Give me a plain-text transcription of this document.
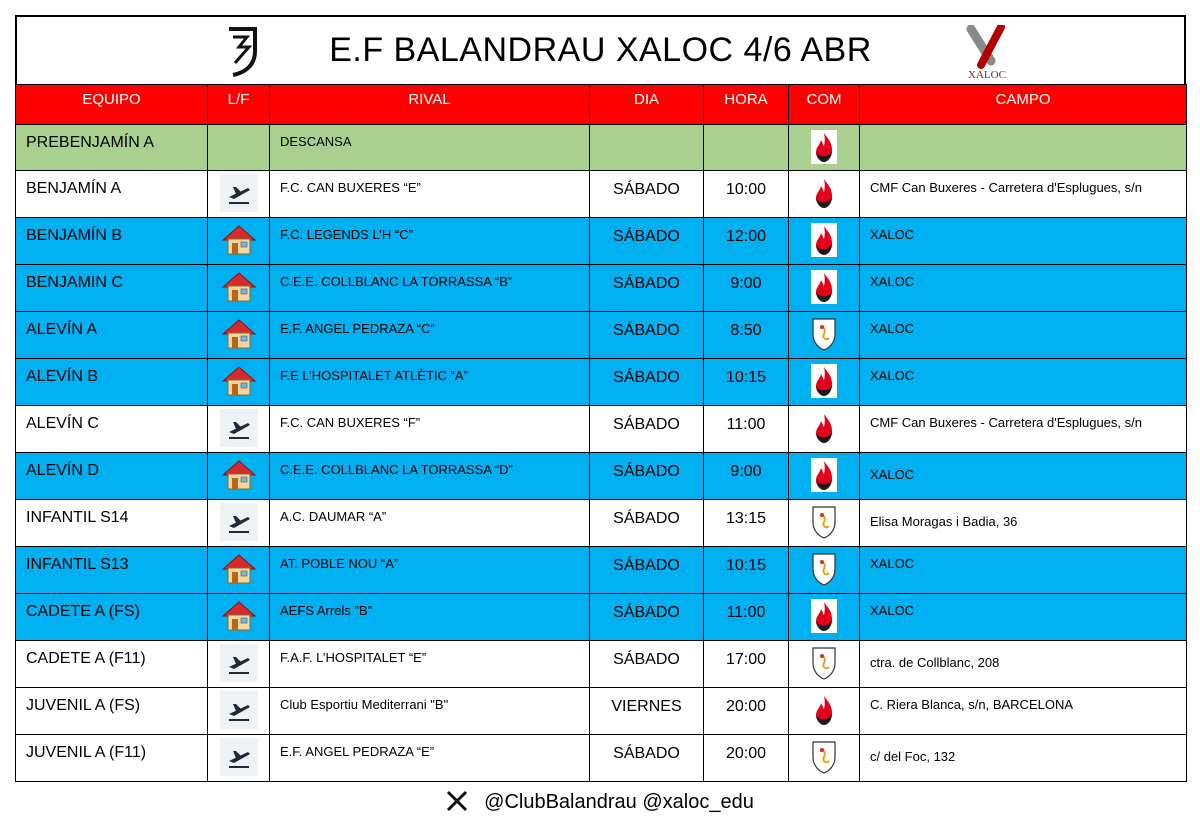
E.F BALANDRAU XALOC 4/6 ABR
XALOC
EQUIPO	L/F	RIVAL	DIA	HORA	COM	CAMPO

PREBENJAMÍN A		DESCANSA

BENJAMÍN A		F.C. CAN BUXERES “E”	SÁBADO	10:00		CMF Can Buxeres - Carretera d'Esplugues, s/n

BENJAMÍN B		F.C. LEGENDS L’H “C”	SÁBADO	12:00		XALOC

BENJAMIN C		C.E.E. COLLBLANC LA TORRASSA “B”	SÁBADO	9:00		XALOC

ALEVÍN A		E.F. ANGEL PEDRAZA “C”	SÁBADO	8:50		XALOC

ALEVÍN B		F.E L’HOSPITALET ATLÈTIC “A”	SÁBADO	10:15		XALOC

ALEVÍN C		F.C. CAN BUXERES “F”	SÁBADO	11:00		CMF Can Buxeres - Carretera d'Esplugues, s/n

ALEVÍN D		C.E.E. COLLBLANC LA TORRASSA “D”	SÁBADO	9:00		XALOC

INFANTIL S14		A.C. DAUMAR “A”	SÁBADO	13:15		Elisa Moragas i Badia, 36

INFANTIL S13		AT. POBLE NOU “A”	SÁBADO	10:15		XALOC

CADETE A (FS)		AEFS Arrels "B"	SÁBADO	11:00		XALOC

CADETE A (F11)		F.A.F. L’HOSPITALET “E”	SÁBADO	17:00		ctra. de Collblanc, 208

JUVENIL A (FS)		Club Esportiu Mediterrani "B"	VIERNES	20:00		C. Riera Blanca, s/n, BARCELONA

JUVENIL A (F11)		E.F. ANGEL PEDRAZA “E”	SÁBADO	20:00		c/ del Foc, 132
@ClubBalandrau @xaloc_edu
